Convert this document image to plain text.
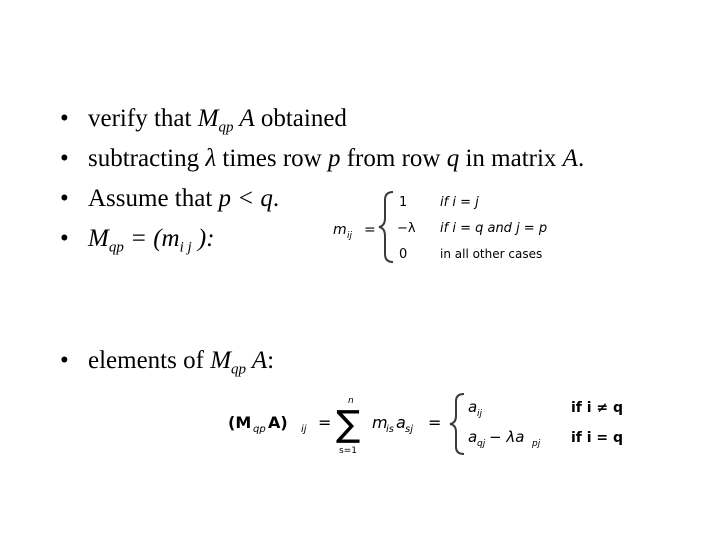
• verify that $M_{qp}$ A obtained
• subtracting λ times row p from row q in matrix A.
• Assume that p < q.
• $M_{qp} = (m_{i j}$ ):	m ij =
1	if i = j
−λ if i = q and j = p
0	in all other cases
• elements of $M_{qp}$ A:
(M qp A) ij =
n
∑
s=1
m
is a sj =
a ij	if i ≠ q
a qj − λa pj if i = q
